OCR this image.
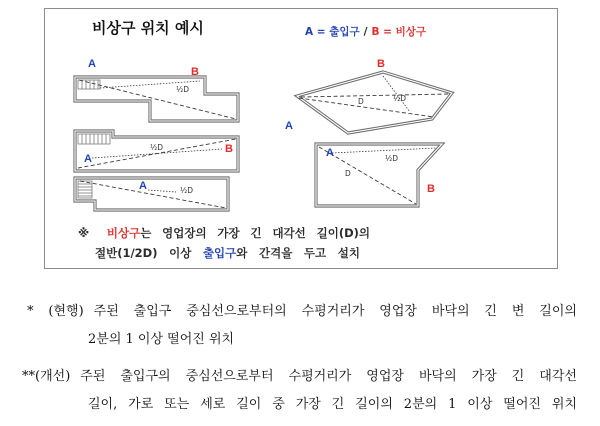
비상구 위치 예시	A = 출입구 / B = 비상구
A
B
½D
A
B
½D
A	½D
B
A
½D
D
A
B
½D
D
※ 비상구는 영업장의 가장 긴 대각선 길이(D)의
절반(1/2D) 이상 출입구와 간격을 두고 설치
* (현행) 주된 출입구 중심선으로부터의 수평거리가 영업장 바닥의 긴 변 길이의
2분의 1 이상 떨어진 위치
**(개선) 주된 출입구의 중심선으로부터 수평거리가 영업장 바닥의 가장 긴 대각선
길이, 가로 또는 세로 길이 중 가장 긴 길이의 2분의 1 이상 떨어진 위치
